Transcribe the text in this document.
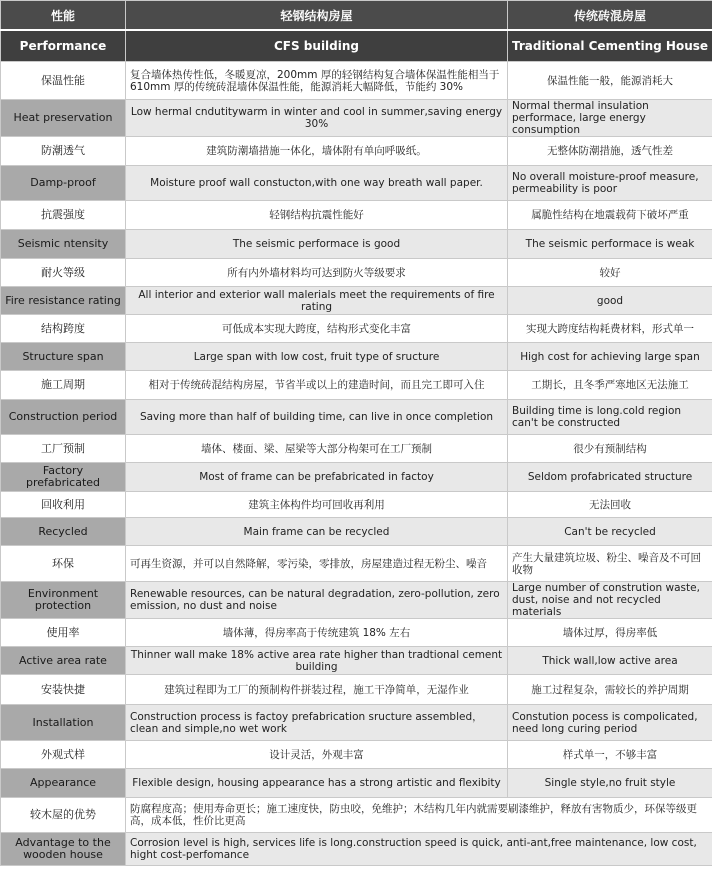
性能	轻钢结构房屋	传统砖混房屋
Performance	CFS building	Traditional Cementing House
保温性能	复合墙体热传性低，冬暖夏凉，200mm 厚的轻钢结构复合墙体保温性能相当于 610mm 厚的传统砖混墙体保温性能，能源消耗大幅降低，节能约 30%	保温性能一般，能源消耗大
Heat preservation	Low hermal cndutitywarm in winter and cool in summer,saving energy 30%	Normal thermal insulation performace, large energy consumption
防潮透气	建筑防潮墙措施一体化，墙体附有单向呼吸纸。	无整体防潮措施，透气性差
Damp-proof	Moisture proof wall constucton,with one way breath wall paper.	No overall moisture-proof measure, permeability is poor
抗震强度	轻钢结构抗震性能好	属脆性结构在地震载荷下破坏严重
Seismic ntensity	The seismic performace is good	The seismic performace is weak
耐火等级	所有内外墙材料均可达到防火等级要求	较好
Fire resistance rating	All interior and exterior wall malerials meet the requirements of fire rating	good
结构跨度	可低成本实现大跨度，结构形式变化丰富	实现大跨度结构耗费材料，形式单一
Structure span	Large span with low cost, fruit type of sructure	High cost for achieving large span
施工周期	相对于传统砖混结构房屋，节省半或以上的建造时间，而且完工即可入住	工期长，且冬季严寒地区无法施工
Construction period	Saving more than half of building time, can live in once completion	Building time is long.cold region can't be constructed
工厂预制	墙体、楼面、梁、屋梁等大部分构架可在工厂预制	很少有预制结构
Factory prefabricated	Most of frame can be prefabricated in factoy	Seldom profabricated structure
回收利用	建筑主体构件均可回收再利用	无法回收
Recycled	Main frame can be recycled	Can't be recycled
环保	可再生资源，并可以自然降解，零污染，零排放，房屋建造过程无粉尘、噪音	产生大量建筑垃圾、粉尘、噪音及不可回收物
Environment protection	Renewable resources, can be natural degradation, zero-pollution, zero emission, no dust and noise	Large number of constrution waste, dust, noise and not recycled materials
使用率	墙体薄，得房率高于传统建筑 18% 左右	墙体过厚，得房率低
Active area rate	Thinner wall make 18% active area rate higher than tradtional cement building	Thick wall,low active area
安装快捷	建筑过程即为工厂的预制构件拼装过程，施工干净简单，无湿作业	施工过程复杂，需较长的养护周期
Installation	Construction process is factoy prefabrication sructure assembled，clean and simple,no wet work	Constution pocess is compolicated, need long curing period
外观式样	设计灵活，外观丰富	样式单一，不够丰富
Appearance	Flexible design, housing appearance has a strong artistic and flexibity	Single style,no fruit style
较木屋的优势	防腐程度高；使用寿命更长；施工速度快，防虫咬，免维护；木结构几年内就需要刷漆维护，释放有害物质少，环保等级更高，成本低，性价比更高	
Advantage to the wooden house	Corrosion level is high, services life is long.construction speed is quick, anti-ant,free maintenance, low cost, hight cost-perfomance	
